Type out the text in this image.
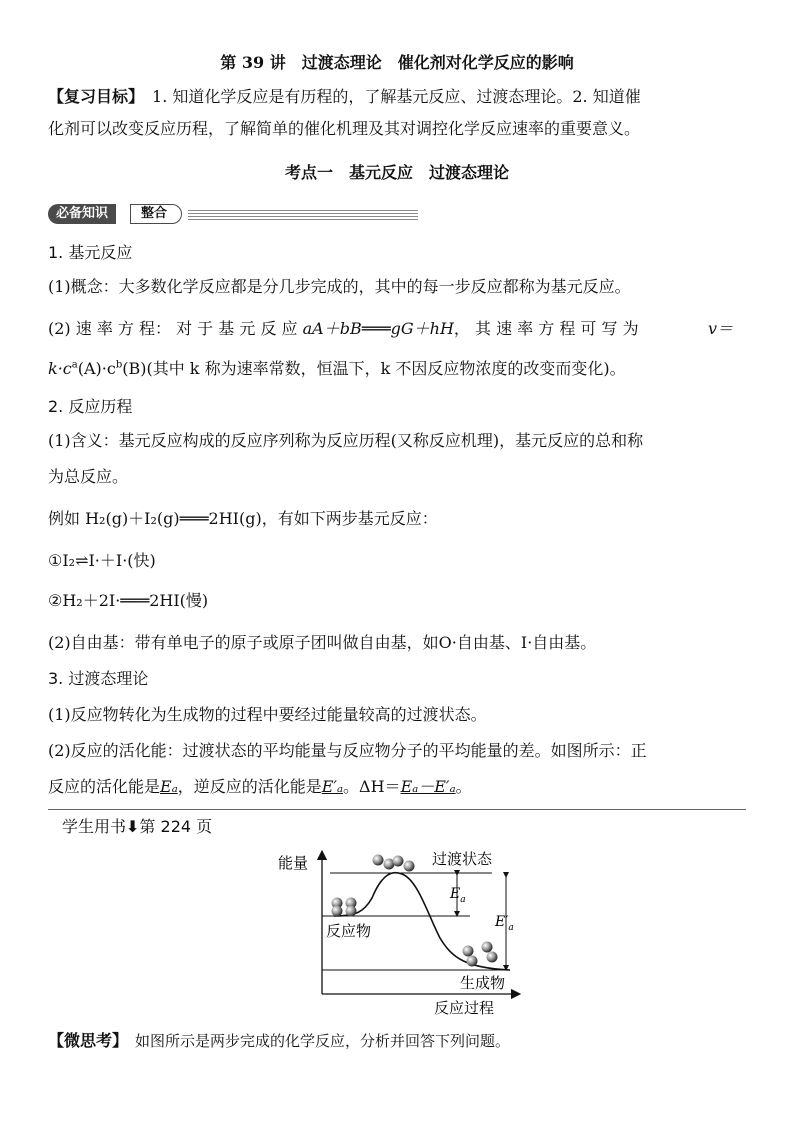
第 39 讲　过渡态理论　催化剂对化学反应的影响
【复习目标】　1. 知道化学反应是有历程的，了解基元反应、过渡态理论。2. 知道催
化剂可以改变反应历程，了解简单的催化机理及其对调控化学反应速率的重要意义。
考点一　基元反应　过渡态理论
必备知识	整合
1. 基元反应
(1)概念：大多数化学反应都是分几步完成的，其中的每一步反应都称为基元反应。
(2) 速 率 方 程： 对 于 基 元 反 应 aA＋bB═══gG＋hH， 其 速 率 方 程 可 写 为	v＝
$k\cdot c^a(A)\cdot c^b(B)$(其中 k 称为速率常数，恒温下，k 不因反应物浓度的改变而变化)。
2. 反应历程
(1)含义：基元反应构成的反应序列称为反应历程(又称反应机理)，基元反应的总和称
为总反应。
例如 H₂(g)＋I₂(g)═══2HI(g)，有如下两步基元反应：
①I₂⇌I·＋I·(快)
②H₂＋2I·═══2HI(慢)
(2)自由基：带有单电子的原子或原子团叫做自由基，如O·自由基、I·自由基。
3. 过渡态理论
(1)反应物转化为生成物的过程中要经过能量较高的过渡状态。
(2)反应的活化能：过渡状态的平均能量与反应物分子的平均能量的差。如图所示：正
反应的活化能是Eₐ，逆反应的活化能是E′ₐ。ΔH＝Eₐ－E′ₐ。
学生用书⬇第 224 页
能量	过渡状态
反应物
生成物
反应过程
$E_a$
$E'_a$
【微思考】　如图所示是两步完成的化学反应，分析并回答下列问题。
